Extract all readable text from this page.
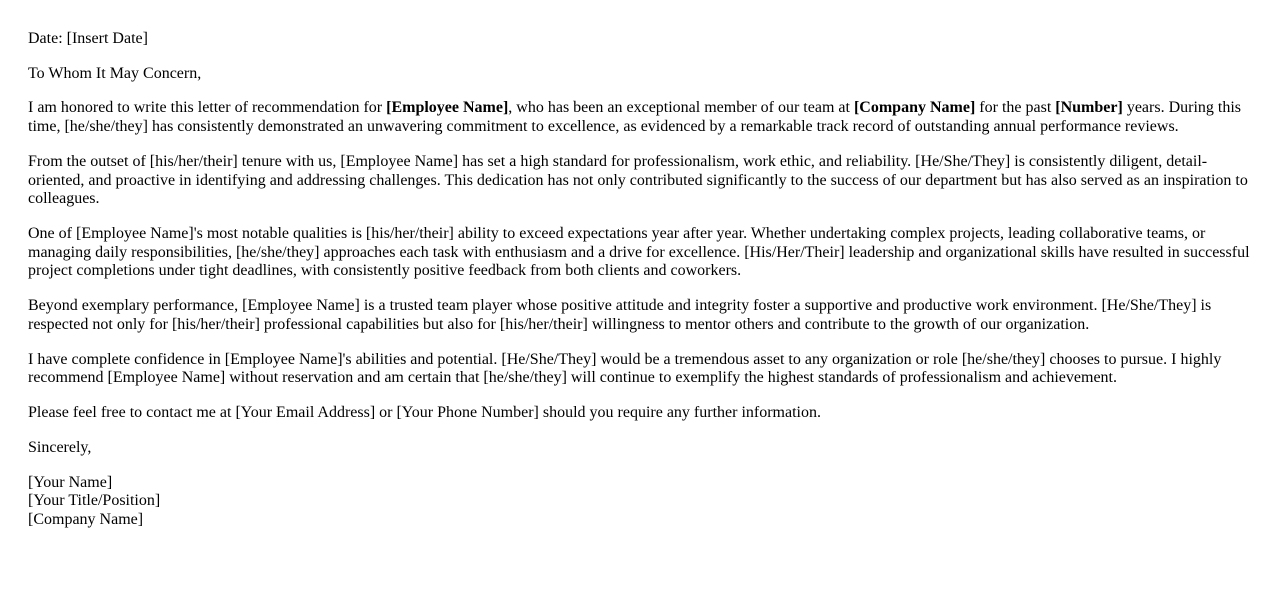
Date: [Insert Date]

To Whom It May Concern,

I am honored to write this letter of recommendation for [Employee Name], who has been an exceptional member of our team at [Company Name] for the past [Number] years. During this time, [he/she/they] has consistently demonstrated an unwavering commitment to excellence, as evidenced by a remarkable track record of outstanding annual performance reviews.

From the outset of [his/her/their] tenure with us, [Employee Name] has set a high standard for professionalism, work ethic, and reliability. [He/She/They] is consistently diligent, detail-oriented, and proactive in identifying and addressing challenges. This dedication has not only contributed significantly to the success of our department but has also served as an inspiration to colleagues.

One of [Employee Name]'s most notable qualities is [his/her/their] ability to exceed expectations year after year. Whether undertaking complex projects, leading collaborative teams, or managing daily responsibilities, [he/she/they] approaches each task with enthusiasm and a drive for excellence. [His/Her/Their] leadership and organizational skills have resulted in successful project completions under tight deadlines, with consistently positive feedback from both clients and coworkers.

Beyond exemplary performance, [Employee Name] is a trusted team player whose positive attitude and integrity foster a supportive and productive work environment. [He/She/They] is respected not only for [his/her/their] professional capabilities but also for [his/her/their] willingness to mentor others and contribute to the growth of our organization.

I have complete confidence in [Employee Name]'s abilities and potential. [He/She/They] would be a tremendous asset to any organization or role [he/she/they] chooses to pursue. I highly recommend [Employee Name] without reservation and am certain that [he/she/they] will continue to exemplify the highest standards of professionalism and achievement.

Please feel free to contact me at [Your Email Address] or [Your Phone Number] should you require any further information.

Sincerely,

[Your Name]
[Your Title/Position]
[Company Name]
